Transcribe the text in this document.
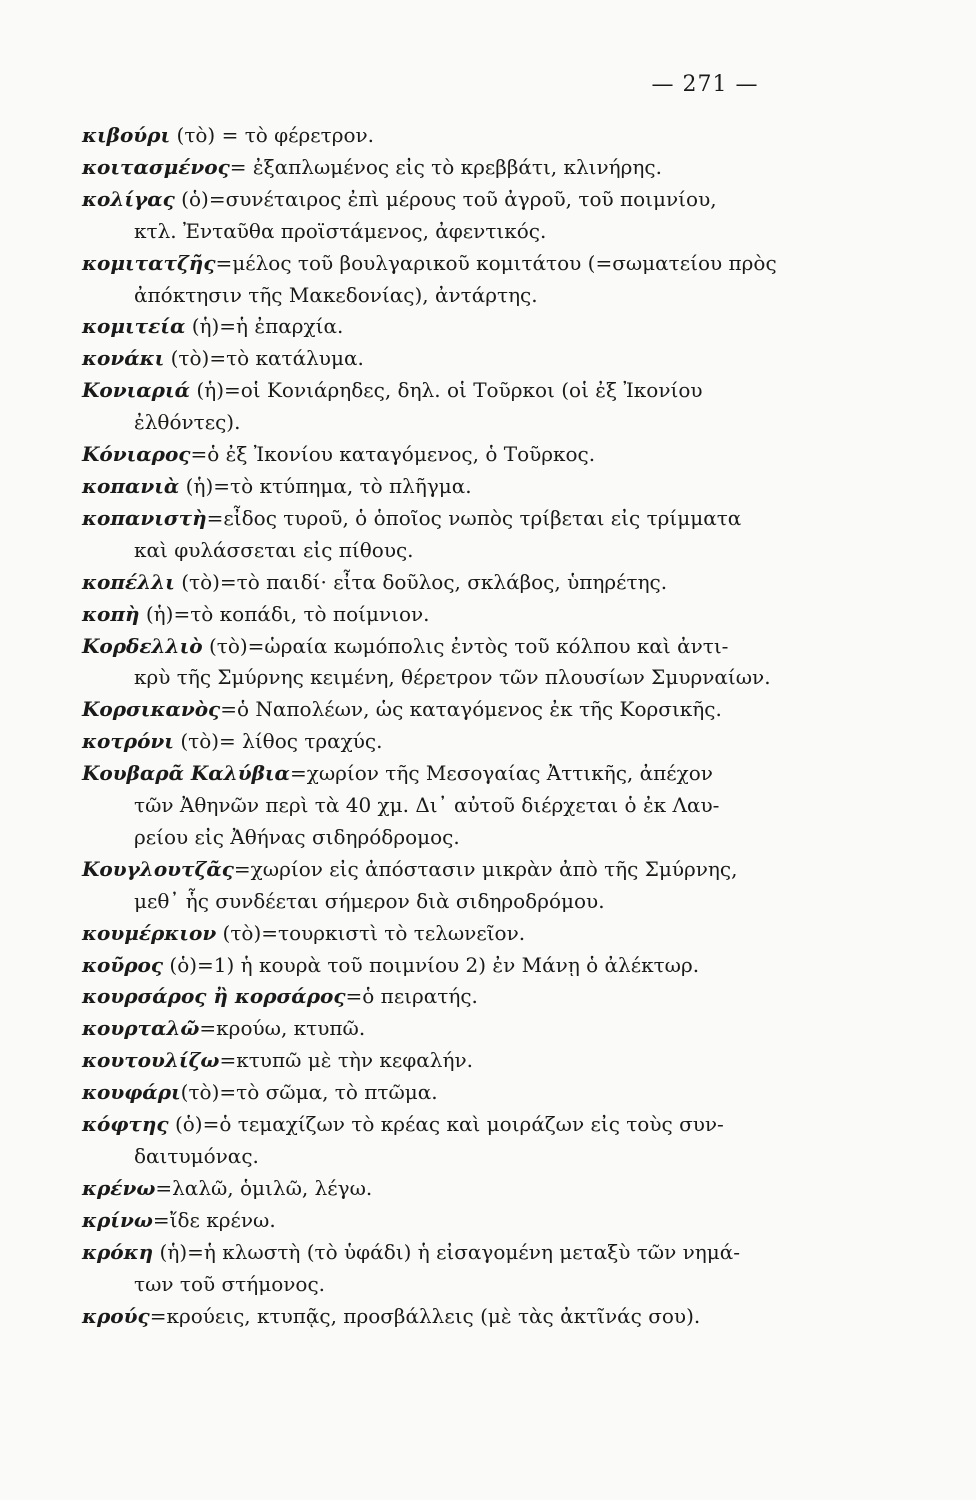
— 271 —
κιβούρι (τὸ) = τὸ φέρετρον.
κοιτασμένος= ἐξαπλωμένος εἰς τὸ κρεββάτι, κλινήρης.
κολίγας (ὁ)=συνέταιρος ἐπὶ μέρους τοῦ ἀγροῦ, τοῦ ποιμνίου,
κτλ. Ἐνταῦθα προϊστάμενος, ἀφεντικός.
κομιτατζῆς=μέλος τοῦ βουλγαρικοῦ κομιτάτου (=σωματείου πρὸς
ἀπόκτησιν τῆς Μακεδονίας), ἀντάρτης.
κομιτεία (ἡ)=ἡ ἐπαρχία.
κονάκι (τὸ)=τὸ κατάλυμα.
Κονιαριά (ἡ)=οἱ Κονιάρηδες, δηλ. οἱ Τοῦρκοι (οἱ ἐξ Ἰκονίου
ἐλθόντες).
Κόνιαρος=ὁ ἐξ Ἰκονίου καταγόμενος, ὁ Τοῦρκος.
κοπανιὰ (ἡ)=τὸ κτύπημα, τὸ πλῆγμα.
κοπανιστὴ=εἶδος τυροῦ, ὁ ὁποῖος νωπὸς τρίβεται εἰς τρίμματα
καὶ φυλάσσεται εἰς πίθους.
κοπέλλι (τὸ)=τὸ παιδί· εἶτα δοῦλος, σκλάβος, ὑπηρέτης.
κοπὴ (ἡ)=τὸ κοπάδι, τὸ ποίμνιον.
Κορδελλιὸ (τὸ)=ὡραία κωμόπολις ἐντὸς τοῦ κόλπου καὶ ἀντι-
κρὺ τῆς Σμύρνης κειμένη, θέρετρον τῶν πλουσίων Σμυρναίων.
Κορσικανὸς=ὁ Ναπολέων, ὡς καταγόμενος ἐκ τῆς Κορσικῆς.
κοτρόνι (τὸ)= λίθος τραχύς.
Κουβαρᾶ Καλύβια=χωρίον τῆς Μεσογαίας Ἀττικῆς, ἀπέχον
τῶν Ἀθηνῶν περὶ τὰ 40 χμ. Δι᾽ αὐτοῦ διέρχεται ὁ ἐκ Λαυ-
ρείου εἰς Ἀθήνας σιδηρόδρομος.
Κουγλουτζᾶς=χωρίον εἰς ἀπόστασιν μικρὰν ἀπὸ τῆς Σμύρνης,
μεθ᾽ ἧς συνδέεται σήμερον διὰ σιδηροδρόμου.
κουμέρκιον (τὸ)=τουρκιστὶ τὸ τελωνεῖον.
κοῦρος (ὁ)=1) ἡ κουρὰ τοῦ ποιμνίου 2) ἐν Μάνῃ ὁ ἀλέκτωρ.
κουρσάρος ἢ κορσάρος=ὁ πειρατής.
κουρταλῶ=κρούω, κτυπῶ.
κουτουλίζω=κτυπῶ μὲ τὴν κεφαλήν.
κουφάρι(τὸ)=τὸ σῶμα, τὸ πτῶμα.
κόφτης (ὁ)=ὁ τεμαχίζων τὸ κρέας καὶ μοιράζων εἰς τοὺς συν-
δαιτυμόνας.
κρένω=λαλῶ, ὁμιλῶ, λέγω.
κρίνω=ἴδε κρένω.
κρόκη (ἡ)=ἡ κλωστὴ (τὸ ὑφάδι) ἡ εἰσαγομένη μεταξὺ τῶν νημά-
των τοῦ στήμονος.
κρούς=κρούεις, κτυπᾷς, προσβάλλεις (μὲ τὰς ἀκτῖνάς σου).
